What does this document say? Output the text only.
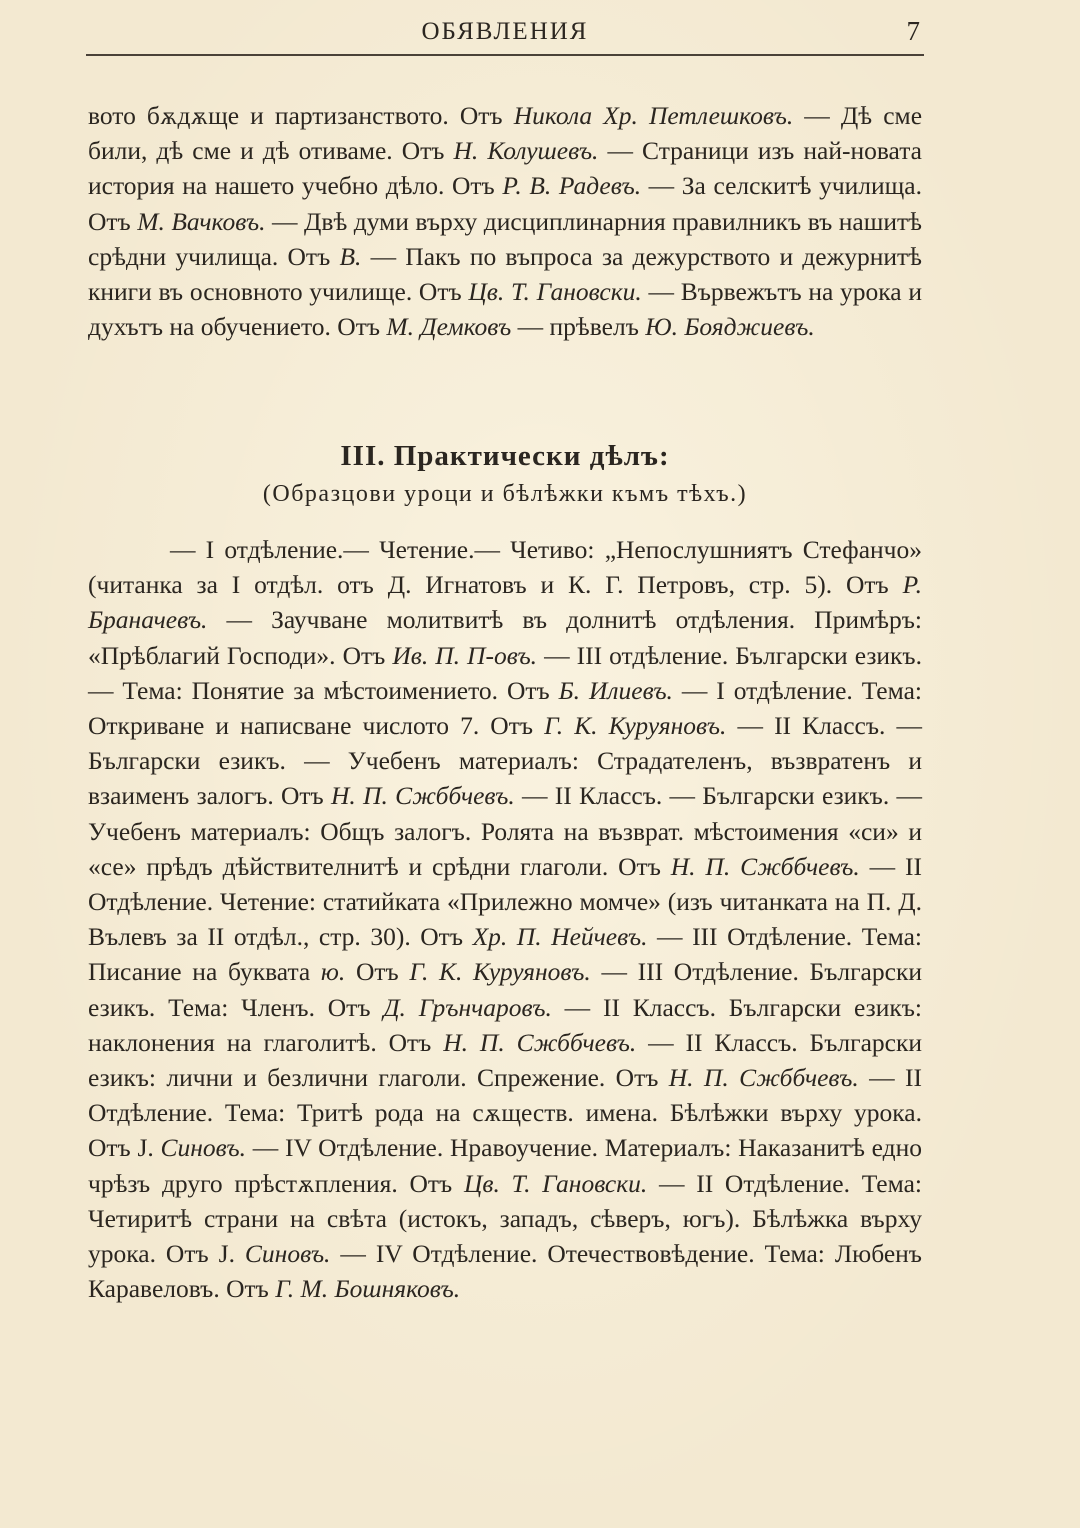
ОБЯВЛЕНИЯ	7
вото бѫдѫще и партизанството. Отъ Никола Хр. Петлешковъ. — Дѣ сме били, дѣ сме и дѣ отиваме. Отъ Н. Колушевъ. — Страници изъ най-новата история на нашето учебно дѣло. Отъ Р. В. Радевъ. — За селскитѣ училища. Отъ М. Вачковъ. — Двѣ думи върху дисциплинарния правилникъ въ нашитѣ срѣдни училища. Отъ В. — Пакъ по въпроса за дежурството и дежурнитѣ книги въ основното училище. Отъ Цв. Т. Гановски. — Вървежътъ на урока и духътъ на обучението. Отъ М. Демковъ — прѣвелъ Ю. Бояджиевъ.
III. Практически дѣлъ:
(Образцови уроци и бѣлѣжки къмъ тѣхъ.)
— I отдѣление.— Четение.— Четиво: „Непослушниятъ Стефанчо» (читанка за I отдѣл. отъ Д. Игнатовъ и К. Г. Петровъ, стр. 5). Отъ Р. Браначевъ. — Заучване молитвитѣ въ долнитѣ отдѣления. Примѣръ: «Прѣблагий Господи». Отъ Ив. П. П-овъ. — III отдѣление. Български езикъ. — Тема: Понятие за мѣстоимението. Отъ Б. Илиевъ. — I отдѣление. Тема: Откриване и написване числото 7. Отъ Г. К. Куруяновъ. — II Классъ. — Български езикъ. — Учебенъ материалъ: Страдателенъ, възвратенъ и взаименъ залогъ. Отъ Н. П. Сжббчевъ. — II Классъ. — Български езикъ. — Учебенъ материалъ: Общъ залогъ. Ролята на възврат. мѣстоимения «си» и «се» прѣдъ дѣйствителнитѣ и срѣдни глаголи. Отъ Н. П. Сжббчевъ. — II Отдѣление. Четение: статийката «Прилежно момче» (изъ читанката на П. Д. Вълевъ за II отдѣл., стр. 30). Отъ Хр. П. Нейчевъ. — III Отдѣление. Тема: Писание на буквата ю. Отъ Г. К. Куруяновъ. — III Отдѣление. Български езикъ. Тема: Членъ. Отъ Д. Грънчаровъ. — II Классъ. Български езикъ: наклонения на глаголитѣ. Отъ Н. П. Сжббчевъ. — II Классъ. Български езикъ: лични и безлични глаголи. Спрежение. Отъ Н. П. Сжббчевъ. — II Отдѣление. Тема: Тритѣ рода на сѫществ. имена. Бѣлѣжки върху урока. Отъ Ј. Синовъ. — IV Отдѣление. Нравоучение. Материалъ: Наказанитѣ едно чрѣзъ друго прѣстѫпления. Отъ Цв. Т. Гановски. — II Отдѣление. Тема: Четиритѣ страни на свѣта (истокъ, западъ, сѣверъ, югъ). Бѣлѣжка върху урока. Отъ Ј. Синовъ. — IV Отдѣление. Отечествовѣдение. Тема: Любенъ Каравеловъ. Отъ Г. М. Бошняковъ.
